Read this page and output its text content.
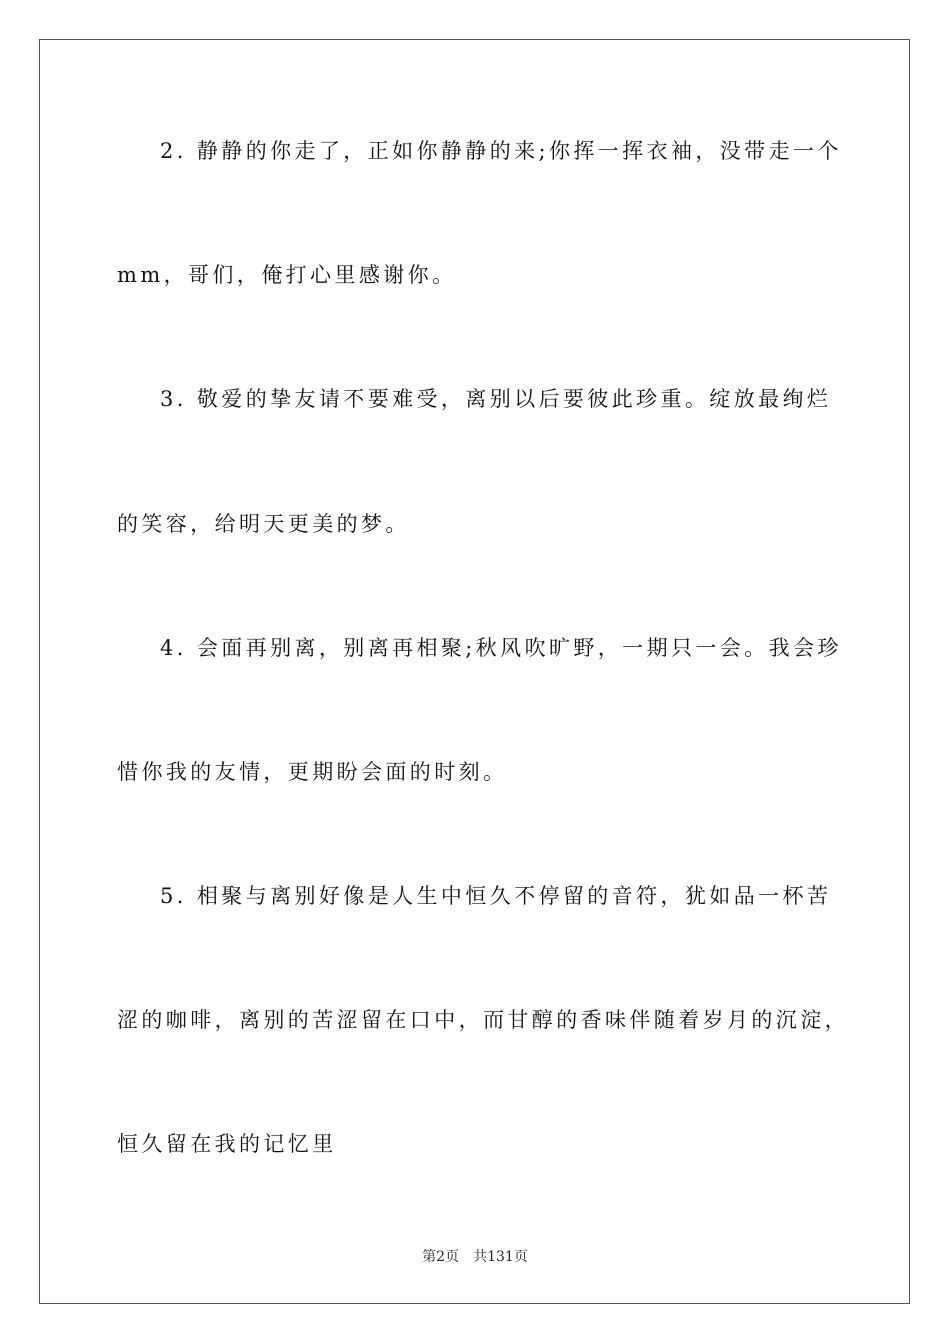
2. 静静的你走了，正如你静静的来;你挥一挥衣袖，没带走一个
mm，哥们，俺打心里感谢你。
3. 敬爱的挚友请不要难受，离别以后要彼此珍重。绽放最绚烂
的笑容，给明天更美的梦。
4. 会面再别离，别离再相聚;秋风吹旷野，一期只一会。我会珍
惜你我的友情，更期盼会面的时刻。
5. 相聚与离别好像是人生中恒久不停留的音符，犹如品一杯苦
涩的咖啡，离别的苦涩留在口中，而甘醇的香味伴随着岁月的沉淀，
恒久留在我的记忆里
第2页 共131页
